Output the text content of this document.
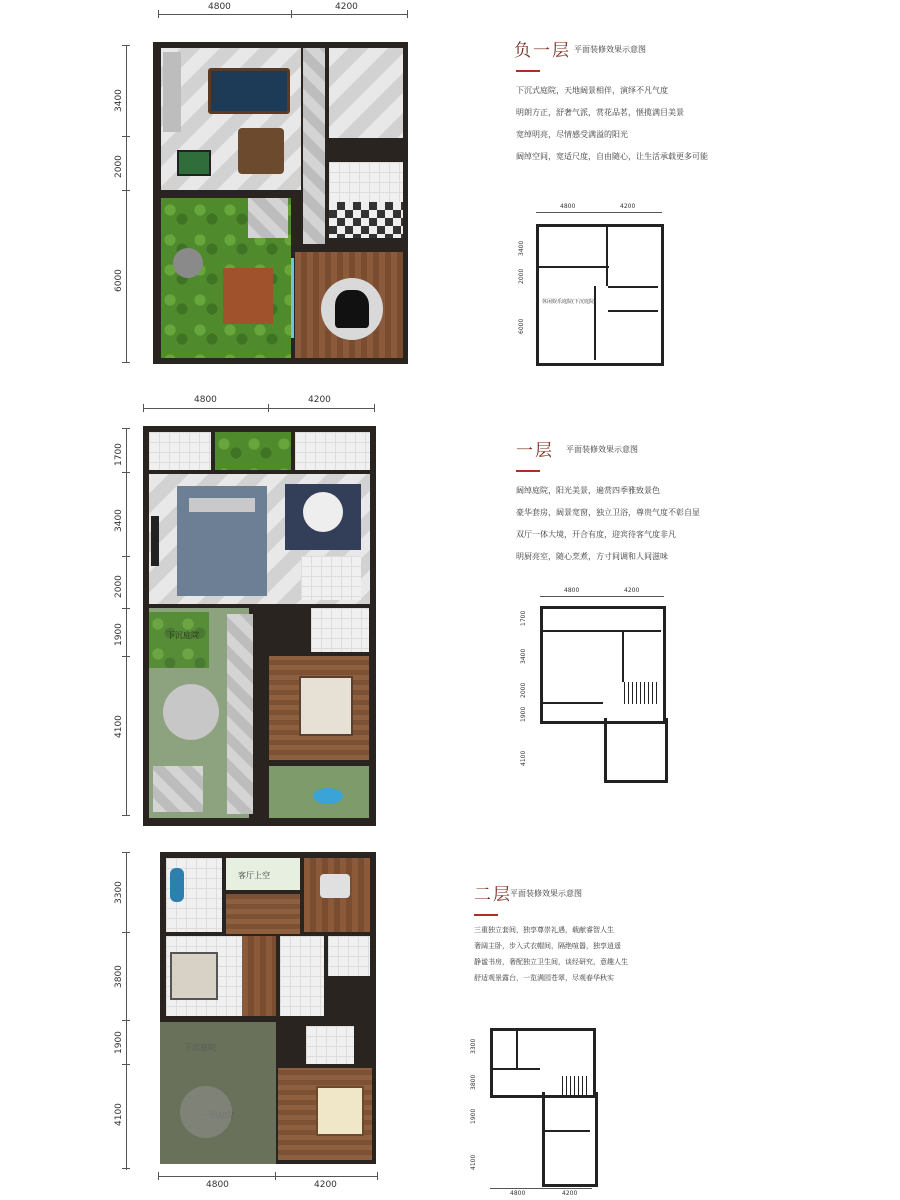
4800	4200
3400
2000
6000
负一层 平面装修效果示意图
下沉式庭院，天地阔景相伴，演绎不凡气度
明朗方正，舒奢气派，赏花品茗，惬揽满目美景
宽绰明亮，尽情感受满溢的阳光
阔绰空间，宽适尺度，自由随心，让生活承载更多可能
4800	4200
3400
2000
6000
休闲娱乐庭院(下沉庭院)
4800	4200
1700
3400
2000
1900
4100
下沉庭院
一层 平面装修效果示意图
阔绰庭院，阳光美景，遍赏四季雅致景色
豪华套房，阔景宽窗，独立卫浴，尊贵气度不彰自显
双厅一体大境，开合有度，迎宾待客气度非凡
明厨亮室，随心烹煮，方寸间调和人间滋味
4800	4200
1700
3400
2000
1900
4100
3300
3800
1900
4100
4800	4200
客厅上空
下沉庭院
一层庭院
二层
平面装修效果示意图
三重独立套间，独享尊崇礼遇，载献睿智人生
奢阔主卧，步入式衣帽间，隔绝喧嚣，独享逍遥
静谧书房，奢配独立卫生间，谈经研究，意趣人生
舒适观景露台，一览满园苍翠，尽观春华秋实
4800	4200
3300
3800
1900
4100
